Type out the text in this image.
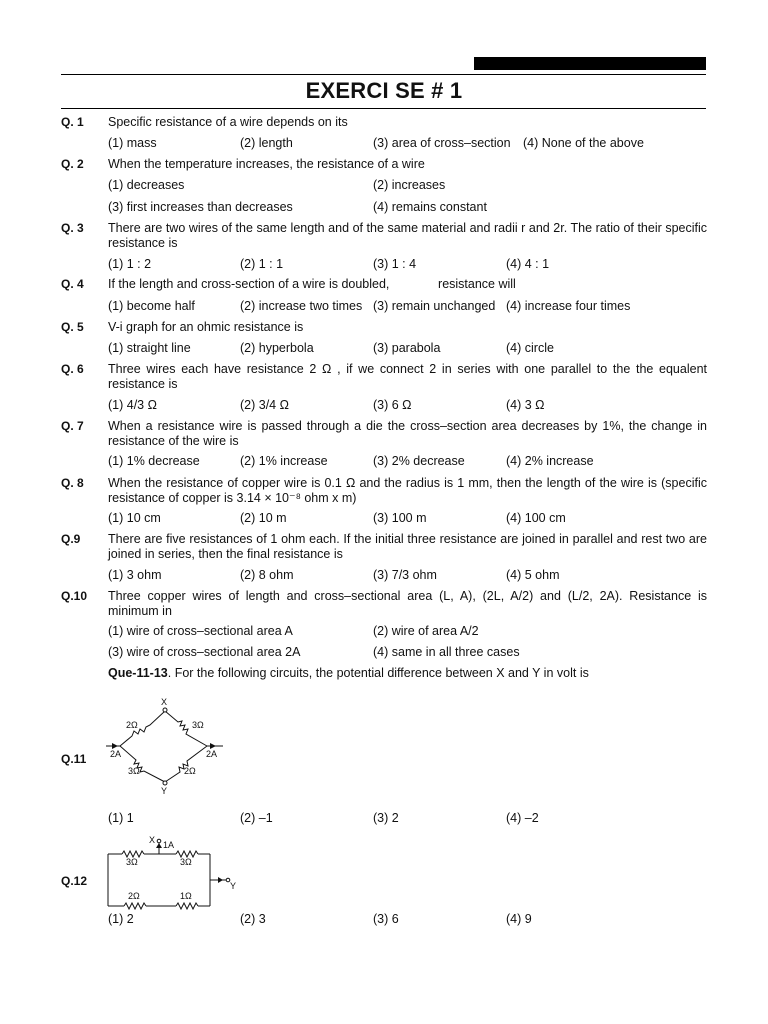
EXERCI SE # 1
Q. 1 Specific resistance of a wire depends on its
(1) mass	(2) length	(3) area of cross–section (4) None of the above
Q. 2 When the temperature increases, the resistance of a wire
(1) decreases	(2) increases
(3) first increases than decreases	(4) remains constant
Q. 3 There are two wires of the same length and of the same material and radii r and 2r. The ratio of their specific resistance is
(1) 1 : 2	(2) 1 : 1	(3) 1 : 4	(4) 4 : 1
Q. 4 If the length and cross-section of a wire is doubled,              resistance will
(1) become half	(2) increase two times (3) remain unchanged (4) increase four times
Q. 5 V-i graph for an ohmic resistance is
(1) straight line	(2) hyperbola	(3) parabola	(4) circle
Q. 6 Three wires each have resistance 2 Ω , if we connect 2 in series with one parallel to the the equalent resistance is
(1) 4/3 Ω	(2) 3/4 Ω	(3) 6 Ω	(4) 3 Ω
Q. 7 When a resistance wire is passed through a die the cross–section area decreases by 1%, the change in resistance of the wire is
(1) 1% decrease	(2) 1% increase	(3) 2% decrease	(4) 2% increase
Q. 8 When the resistance of copper wire is 0.1 Ω and the radius is 1 mm, then the length of the wire is (specific resistance of copper is 3.14 × 10⁻⁸ ohm x m)
(1) 10 cm	(2) 10 m	(3) 100 m	(4) 100 cm
Q.9 There are five resistances of 1 ohm each. If the initial three resistance are joined in parallel and rest two are joined in series, then the final resistance is
(1) 3 ohm	(2) 8 ohm	(3) 7/3 ohm	(4) 5 ohm
Q.10 Three copper wires of length and cross–sectional area (L, A), (2L, A/2) and (L/2, 2A). Resistance is minimum in
(1) wire of cross–sectional area A	(2) wire of area A/2
(3) wire of cross–sectional area 2A	(4) same in all three cases
Que-11-13. For the following circuits, the potential difference between X and Y in volt is
Q.11
X
Y
2Ω	3Ω
3Ω	2Ω
2A	2A
(1) 1	(2) –1	(3) 2	(4) –2
Q.12
X 1A
Y
3Ω	3Ω
2Ω	1Ω
(1) 2	(2) 3	(3) 6	(4) 9
